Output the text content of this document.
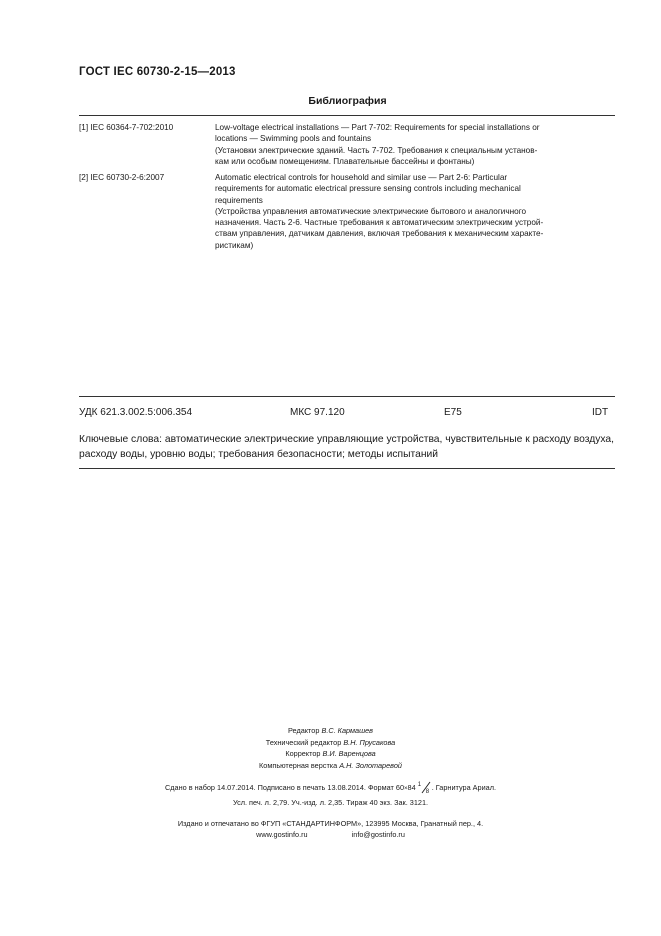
ГОСТ IEC 60730-2-15—2013
Библиография
[1] IEC 60364-7-702:2010	Low-voltage electrical installations — Part 7-702: Requirements for special installations or
locations — Swimming pools and fountains
(Установки электрические зданий. Часть 7-702. Требования к специальным установ-
кам или особым помещениям. Плавательные бассейны и фонтаны)
[2] IEC 60730-2-6:2007	Automatic electrical controls for household and similar use — Part 2-6: Particular
requirements for automatic electrical pressure sensing controls including mechanical
requirements
(Устройства управления автоматические электрические бытового и аналогичного
назначения. Часть 2-6. Частные требования к автоматическим электрическим устрой-
ствам управления, датчикам давления, включая требования к механическим характе-
ристикам)
УДК 621.3.002.5:006.354	МКС 97.120	E75	IDT
Ключевые слова: автоматические электрические управляющие устройства, чувствительные к расходу воздуха, расходу воды, уровню воды; требования безопасности; методы испытаний
Редактор В.С. Кармашев
Технический редактор В.Н. Прусакова
Корректор В.И. Варенцова
Компьютерная верстка А.Н. Золотаревой
Сдано в набор 14.07.2014. Подписано в печать 13.08.2014. Формат 60×84 1
8
. Гарнитура Ариал.
Усл. печ. л. 2,79. Уч.-изд. л. 2,35. Тираж 40 экз. Зак. 3121.
Издано и отпечатано во ФГУП «СТАНДАРТИНФОРМ», 123995 Москва, Гранатный пер., 4.
www.gostinfo.ru	info@gostinfo.ru
